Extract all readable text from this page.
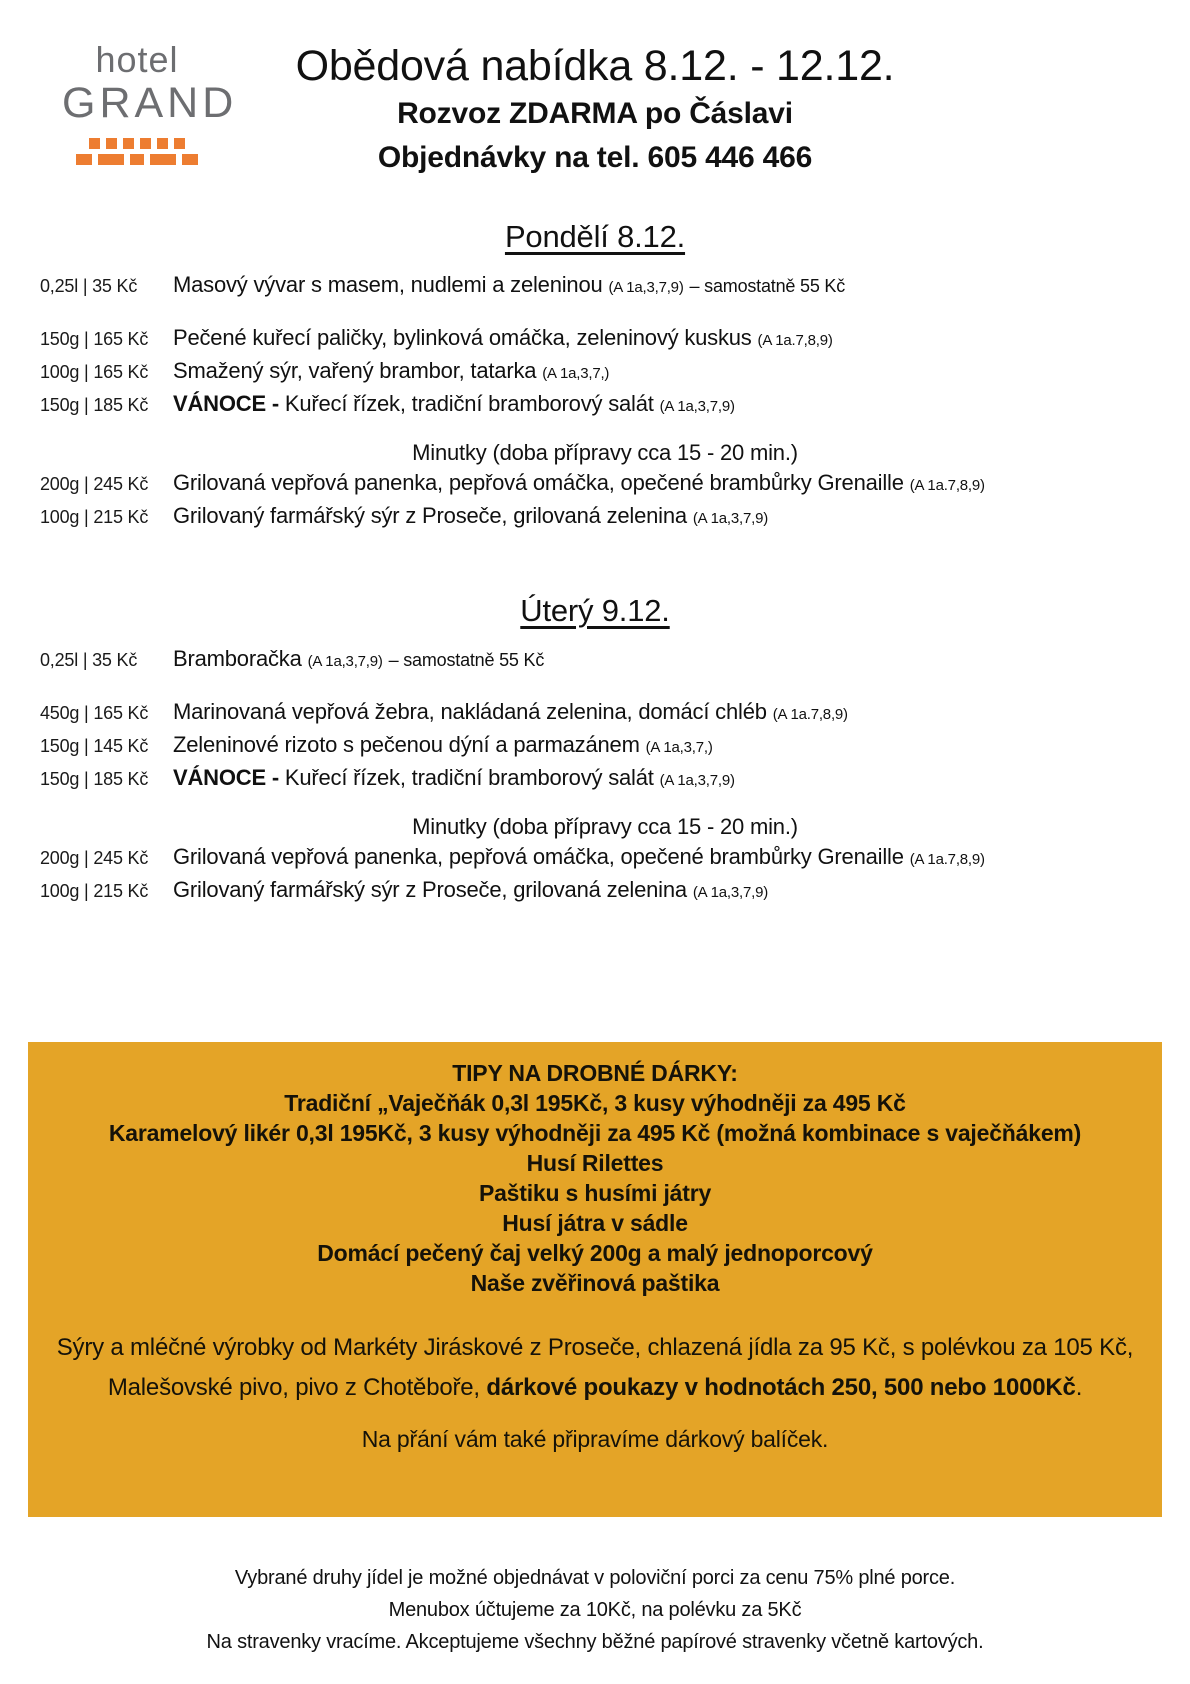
hotel
GRAND
Obědová nabídka 8.12. - 12.12.
Rozvoz ZDARMA po Čáslavi
Objednávky na tel. 605 446 466
Pondělí 8.12.
0,25l | 35 Kč	Masový vývar s masem, nudlemi a zeleninou (A 1a,3,7,9) – samostatně 55 Kč
150g | 165 Kč	Pečené kuřecí paličky, bylinková omáčka, zeleninový kuskus (A 1a.7,8,9)
100g | 165 Kč	Smažený sýr, vařený brambor, tatarka (A 1a,3,7,)
150g | 185 Kč	VÁNOCE - Kuřecí řízek, tradiční bramborový salát (A 1a,3,7,9)
Minutky (doba přípravy cca 15 - 20 min.)
200g | 245 Kč	Grilovaná vepřová panenka, pepřová omáčka, opečené brambůrky Grenaille (A 1a.7,8,9)
100g | 215 Kč	Grilovaný farmářský sýr z Proseče, grilovaná zelenina (A 1a,3,7,9)
Úterý 9.12.
0,25l | 35 Kč	Bramboračka (A 1a,3,7,9) – samostatně 55 Kč
450g | 165 Kč	Marinovaná vepřová žebra, nakládaná zelenina, domácí chléb (A 1a.7,8,9)
150g | 145 Kč	Zeleninové rizoto s pečenou dýní a parmazánem (A 1a,3,7,)
150g | 185 Kč	VÁNOCE - Kuřecí řízek, tradiční bramborový salát (A 1a,3,7,9)
Minutky (doba přípravy cca 15 - 20 min.)
200g | 245 Kč	Grilovaná vepřová panenka, pepřová omáčka, opečené brambůrky Grenaille (A 1a.7,8,9)
100g | 215 Kč	Grilovaný farmářský sýr z Proseče, grilovaná zelenina (A 1a,3,7,9)
TIPY NA DROBNÉ DÁRKY:
Tradiční „Vaječňák 0,3l 195Kč, 3 kusy výhodněji za 495 Kč
Karamelový likér 0,3l 195Kč, 3 kusy výhodněji za 495 Kč (možná kombinace s vaječňákem)
Husí Rilettes
Paštiku s husími játry
Husí játra v sádle
Domácí pečený čaj velký 200g a malý jednoporcový
Naše zvěřinová paštika
Sýry a mléčné výrobky od Markéty Jiráskové z Proseče, chlazená jídla za 95 Kč, s polévkou za 105 Kč,
Malešovské pivo, pivo z Chotěboře, dárkové poukazy v hodnotách 250, 500 nebo 1000Kč.
Na přání vám také připravíme dárkový balíček.
Vybrané druhy jídel je možné objednávat v poloviční porci za cenu 75% plné porce.
Menubox účtujeme za 10Kč, na polévku za 5Kč
Na stravenky vracíme. Akceptujeme všechny běžné papírové stravenky včetně kartových.
